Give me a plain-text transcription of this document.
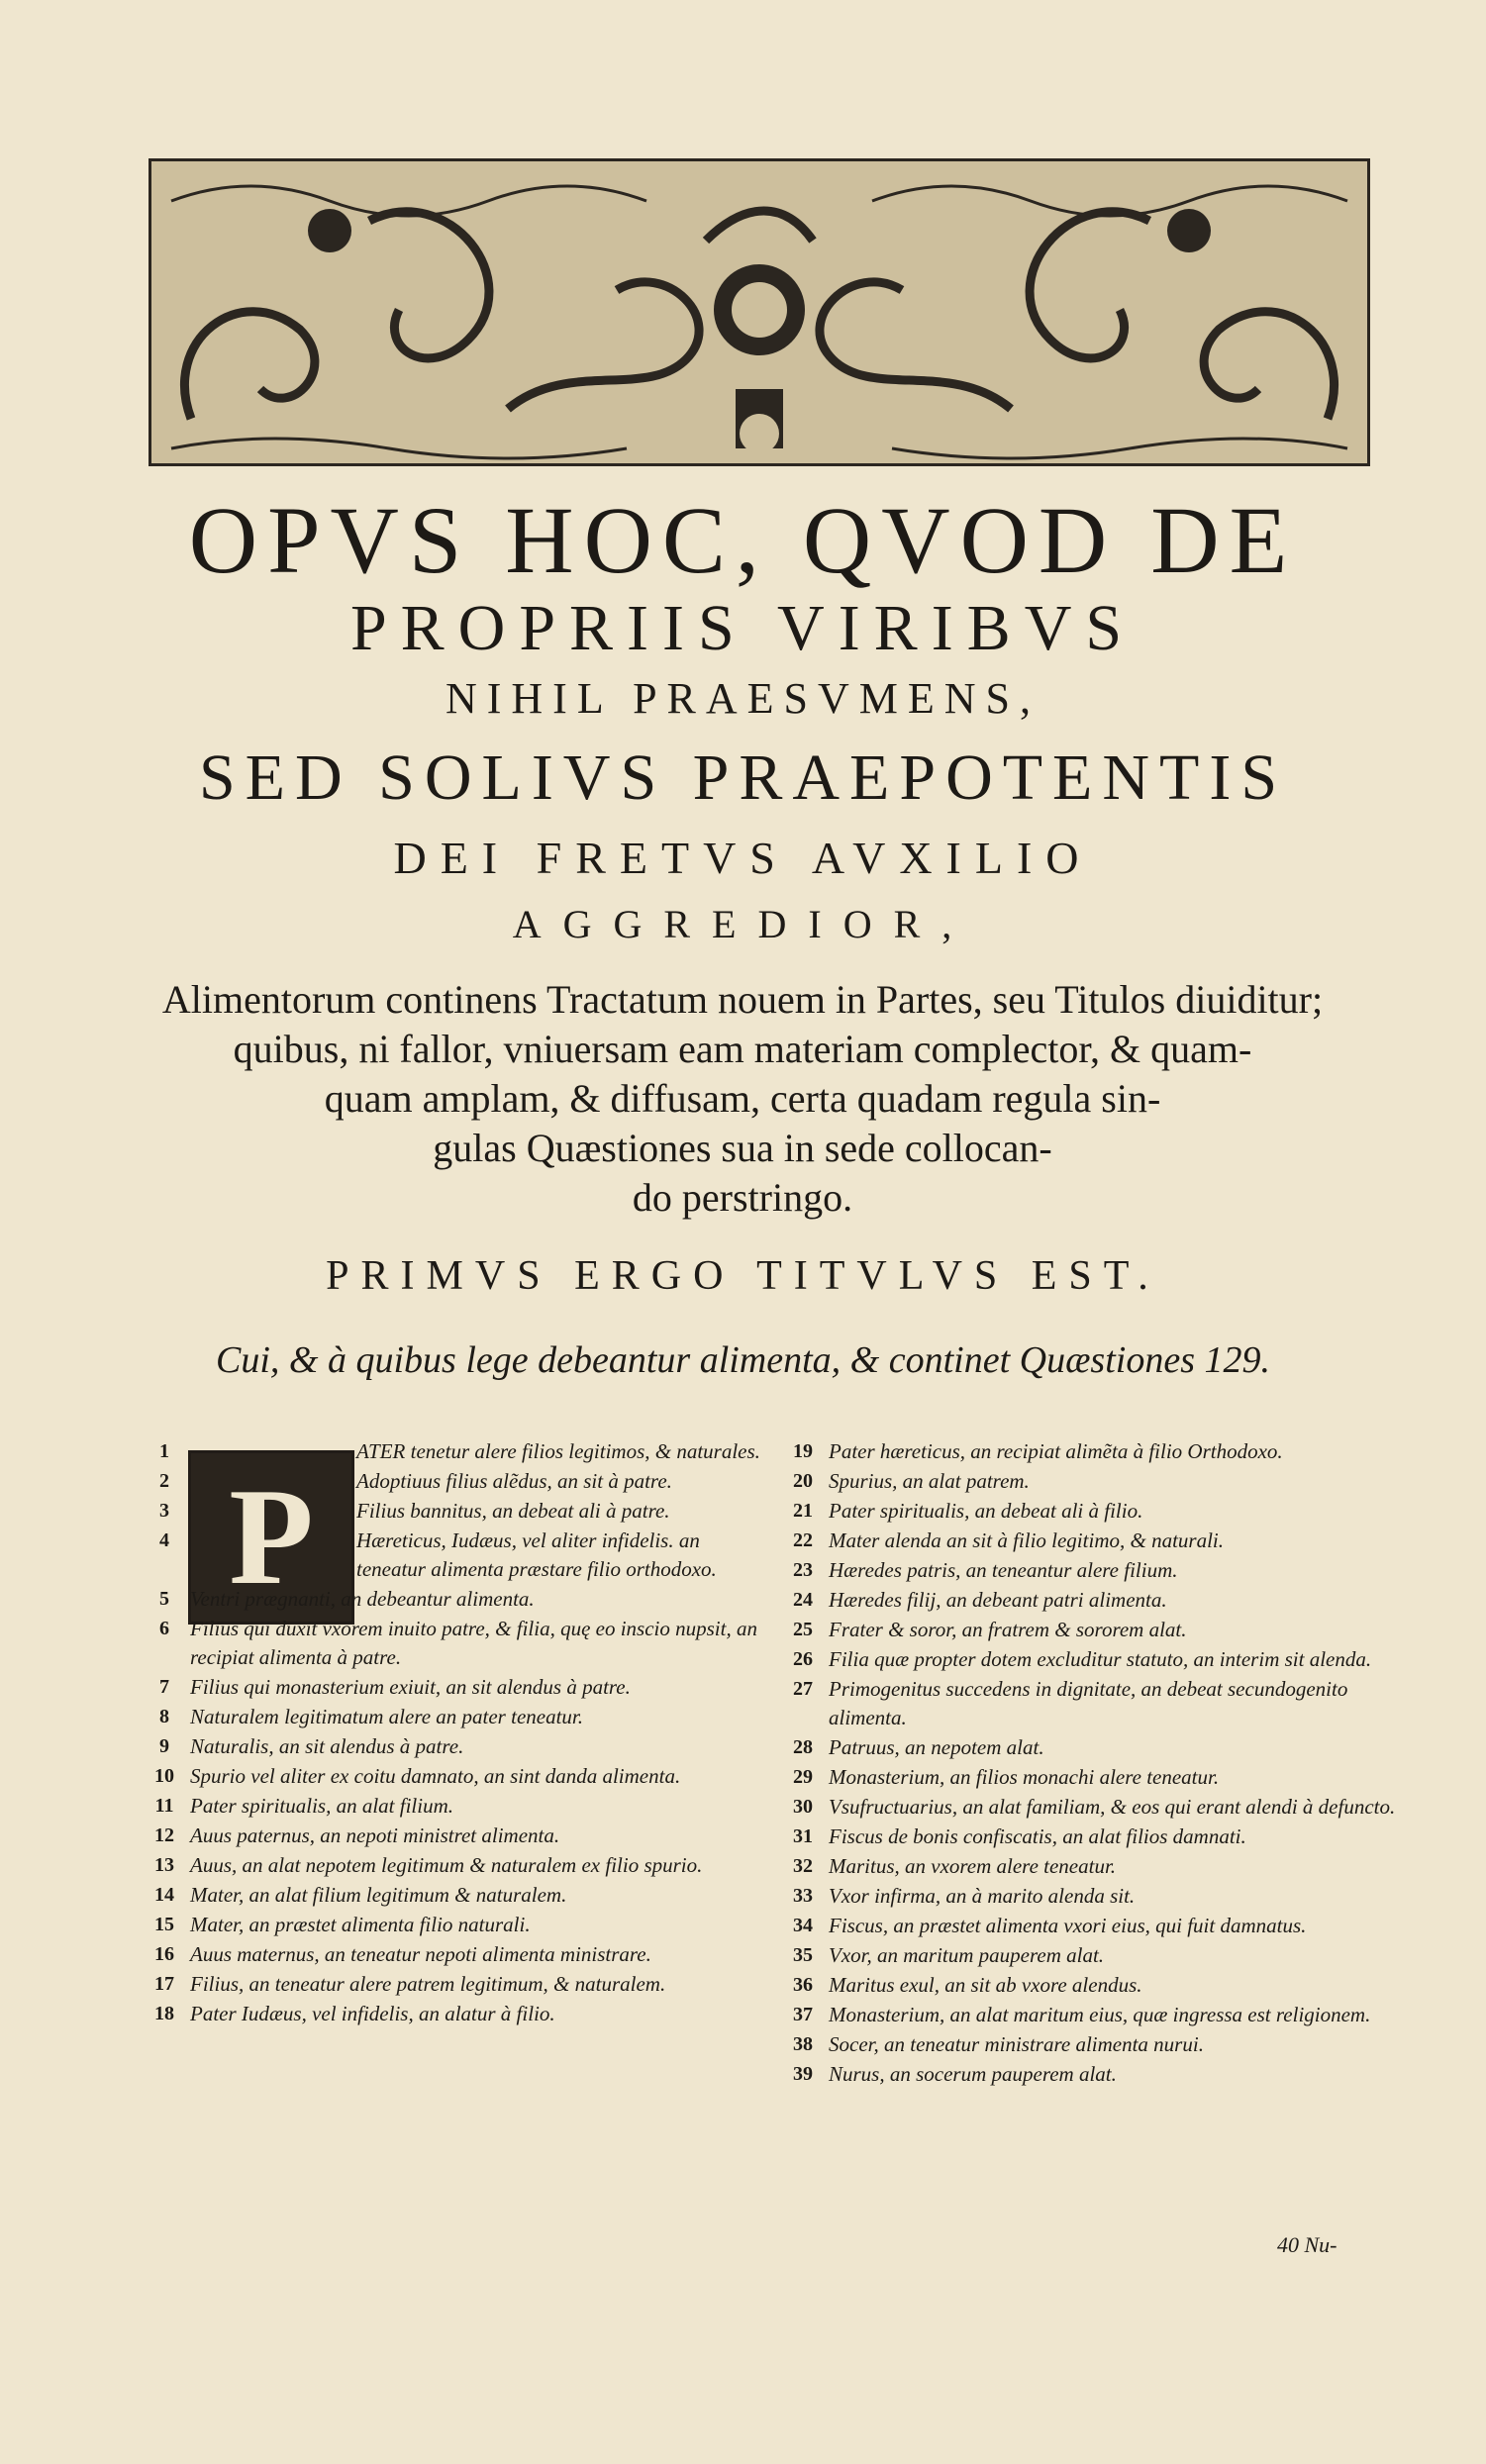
OPVS HOC, QVOD DE
PROPRIIS VIRIBVS
NIHIL PRAESVMENS,
SED SOLIVS PRAEPOTENTIS
DEI FRETVS AVXILIO
AGGREDIOR,
Alimentorum continens Tractatum nouem in Partes, seu Titulos diuiditur;
quibus, ni fallor, vniuersam eam materiam complector, & quam-
quam amplam, & diffusam, certa quadam regula sin-
gulas Quæstiones sua in sede collocan-
do perstringo.
PRIMVS ERGO TITVLVS EST.
Cui, & à quibus lege debeantur alimenta, & continet Quæstiones 129.
P
1	ATER tenetur alere filios legitimos, & naturales.
2	Adoptiuus filius alẽdus, an sit à patre.
3	Filius bannitus, an debeat ali à patre.
4	Hæreticus, Iudæus, vel aliter infidelis. an teneatur alimenta præstare filio orthodoxo.
5	Ventri prægnanti, an debeantur alimenta.
6	Filius qui duxit vxorem inuito patre, & filia, quę eo inscio nupsit, an recipiat alimenta à patre.
7	Filius qui monasterium exiuit, an sit alendus à patre.
8	Naturalem legitimatum alere an pater teneatur.
9	Naturalis, an sit alendus à patre.
10 Spurio vel aliter ex coitu damnato, an sint danda alimenta.
11 Pater spiritualis, an alat filium.
12 Auus paternus, an nepoti ministret alimenta.
13 Auus, an alat nepotem legitimum & naturalem ex filio spurio.
14 Mater, an alat filium legitimum & naturalem.
15 Mater, an præstet alimenta filio naturali.
16 Auus maternus, an teneatur nepoti alimenta ministrare.
17 Filius, an teneatur alere patrem legitimum, & naturalem.
18 Pater Iudæus, vel infidelis, an alatur à filio.
19 Pater hæreticus, an recipiat alimẽta à filio Orthodoxo.
20 Spurius, an alat patrem.
21 Pater spiritualis, an debeat ali à filio.
22 Mater alenda an sit à filio legitimo, & naturali.
23 Hæredes patris, an teneantur alere filium.
24 Hæredes filij, an debeant patri alimenta.
25 Frater & soror, an fratrem & sororem alat.
26 Filia quæ propter dotem excluditur statuto, an interim sit alenda.
27 Primogenitus succedens in dignitate, an debeat secundogenito alimenta.
28 Patruus, an nepotem alat.
29 Monasterium, an filios monachi alere teneatur.
30 Vsufructuarius, an alat familiam, & eos qui erant alendi à defuncto.
31 Fiscus de bonis confiscatis, an alat filios damnati.
32 Maritus, an vxorem alere teneatur.
33 Vxor infirma, an à marito alenda sit.
34 Fiscus, an præstet alimenta vxori eius, qui fuit damnatus.
35 Vxor, an maritum pauperem alat.
36 Maritus exul, an sit ab vxore alendus.
37 Monasterium, an alat maritum eius, quæ ingressa est religionem.
38 Socer, an teneatur ministrare alimenta nurui.
39 Nurus, an socerum pauperem alat.
40 Nu-
